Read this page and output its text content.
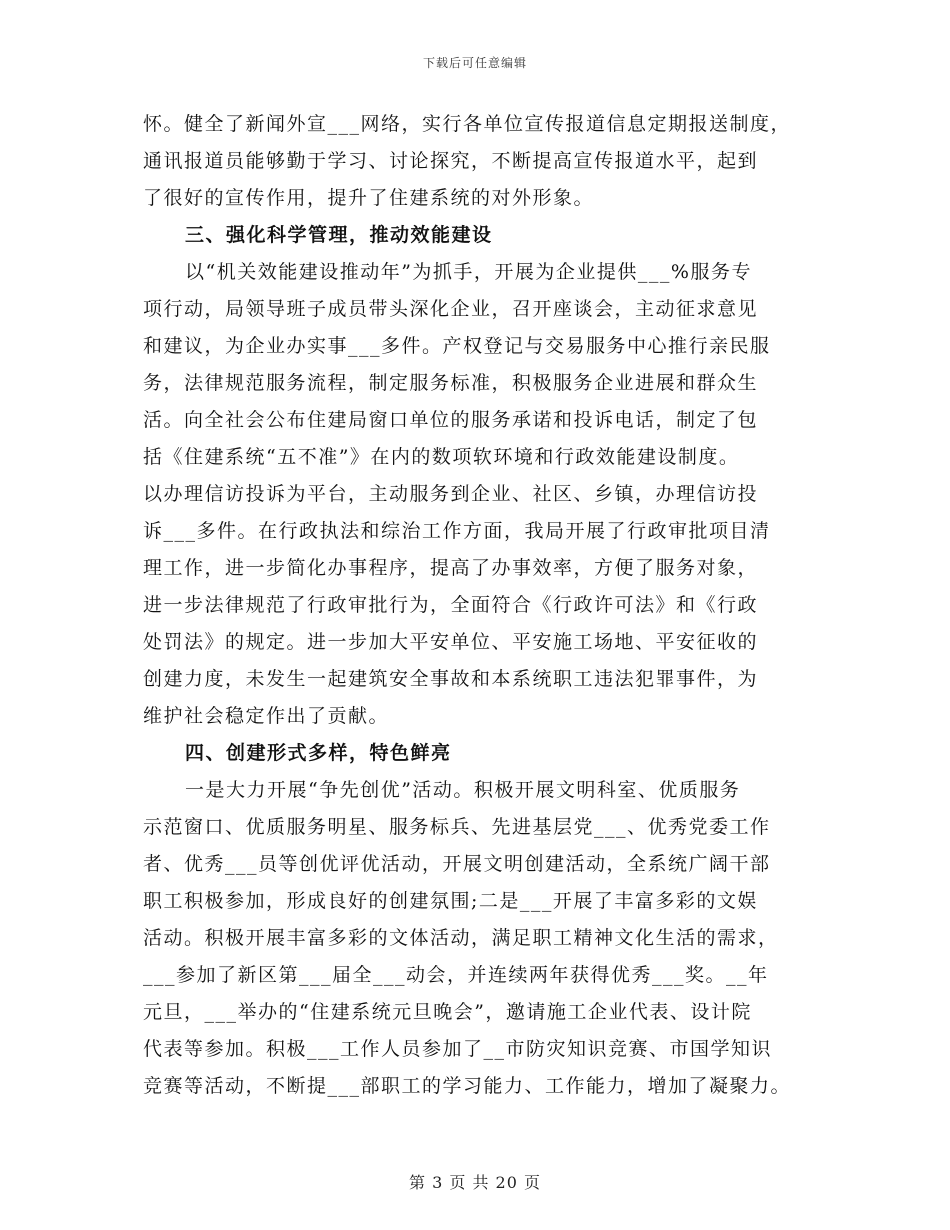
下载后可任意编辑
怀。健全了新闻外宣___网络，实行各单位宣传报道信息定期报送制度，
通讯报道员能够勤于学习、讨论探究，不断提高宣传报道水平，起到
了很好的宣传作用，提升了住建系统的对外形象。
三、强化科学管理，推动效能建设
以“机关效能建设推动年”为抓手，开展为企业提供___%服务专
项行动，局领导班子成员带头深化企业，召开座谈会，主动征求意见
和建议，为企业办实事___多件。产权登记与交易服务中心推行亲民服
务，法律规范服务流程，制定服务标准，积极服务企业进展和群众生
活。向全社会公布住建局窗口单位的服务承诺和投诉电话，制定了包
括《住建系统“五不准”》在内的数项软环境和行政效能建设制度。
以办理信访投诉为平台，主动服务到企业、社区、乡镇，办理信访投
诉___多件。在行政执法和综治工作方面，我局开展了行政审批项目清
理工作，进一步简化办事程序，提高了办事效率，方便了服务对象，
进一步法律规范了行政审批行为，全面符合《行政许可法》和《行政
处罚法》的规定。进一步加大平安单位、平安施工场地、平安征收的
创建力度，未发生一起建筑安全事故和本系统职工违法犯罪事件，为
维护社会稳定作出了贡献。
四、创建形式多样，特色鲜亮
一是大力开展“争先创优”活动。积极开展文明科室、优质服务
示范窗口、优质服务明星、服务标兵、先进基层党___、优秀党委工作
者、优秀___员等创优评优活动，开展文明创建活动，全系统广阔干部
职工积极参加，形成良好的创建氛围;二是___开展了丰富多彩的文娱
活动。积极开展丰富多彩的文体活动，满足职工精神文化生活的需求，
___参加了新区第___届全___动会，并连续两年获得优秀___奖。__年
元旦，___举办的“住建系统元旦晚会”，邀请施工企业代表、设计院
代表等参加。积极___工作人员参加了__市防灾知识竞赛、市国学知识
竞赛等活动，不断提___部职工的学习能力、工作能力，增加了凝聚力。
第 3 页 共 20 页
